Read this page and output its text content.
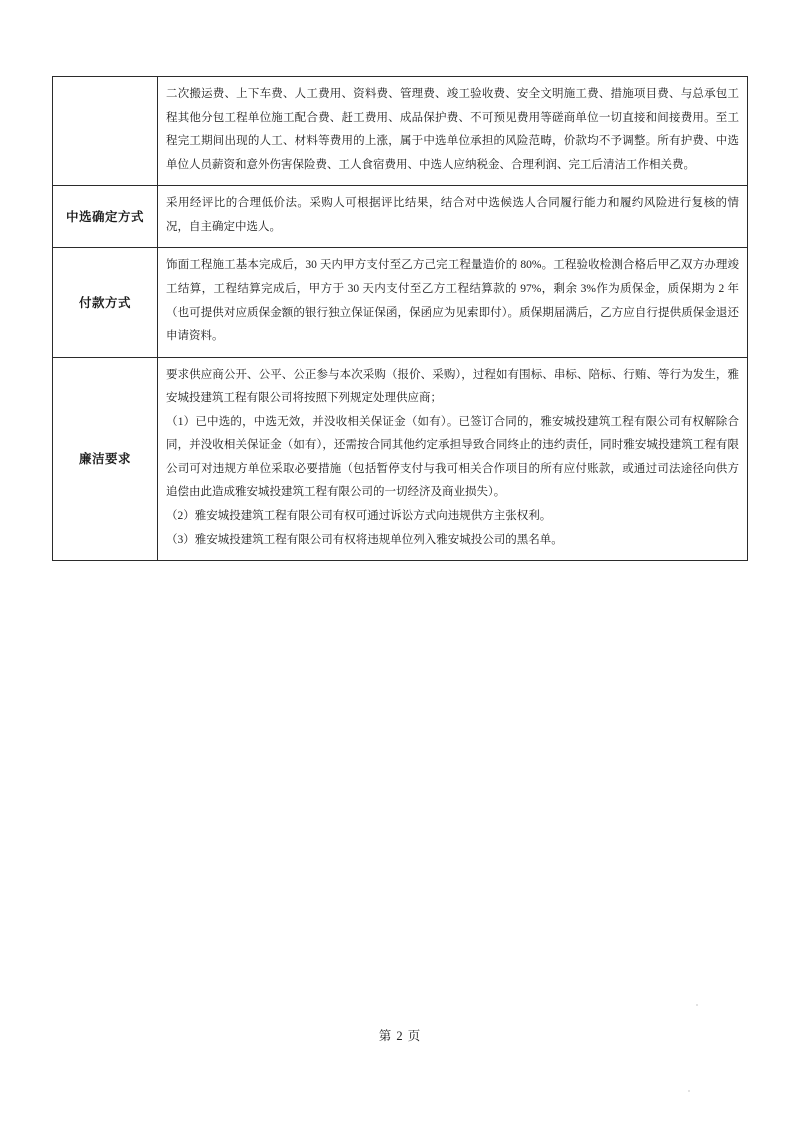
	二次搬运费、上下车费、人工费用、资料费、管理费、竣工验收费、安全文明施工费、措施项目费、与总承包工程其他分包工程单位施工配合费、赶工费用、成品保护费、不可预见费用等磋商单位一切直接和间接费用。至工程完工期间出现的人工、材料等费用的上涨，属于中选单位承担的风险范畴，价款均不予调整。所有护费、中选单位人员薪资和意外伤害保险费、工人食宿费用、中选人应纳税金、合理利润、完工后清洁工作相关费。
中选确定方式	采用经评比的合理低价法。采购人可根据评比结果，结合对中选候选人合同履行能力和履约风险进行复核的情况，自主确定中选人。
付款方式	饰面工程施工基本完成后，30 天内甲方支付至乙方己完工程量造价的 80%。工程验收检测合格后甲乙双方办理竣工结算，工程结算完成后，甲方于 30 天内支付至乙方工程结算款的 97%，剩余 3%作为质保金，质保期为 2 年（也可提供对应质保金额的银行独立保证保函，保函应为见索即付）。质保期届满后，乙方应自行提供质保金退还申请资料。
廉洁要求	要求供应商公开、公平、公正参与本次采购（报价、采购），过程如有围标、串标、陪标、行贿、等行为发生，雅安城投建筑工程有限公司将按照下列规定处理供应商；

（1）已中选的，中选无效，并没收相关保证金（如有）。已签订合同的，雅安城投建筑工程有限公司有权解除合同，并没收相关保证金（如有），还需按合同其他约定承担导致合同终止的违约责任，同时雅安城投建筑工程有限公司可对违规方单位采取必要措施（包括暂停支付与我可相关合作项目的所有应付账款，或通过司法途径向供方追偿由此造成雅安城投建筑工程有限公司的一切经济及商业损失）。

（2）雅安城投建筑工程有限公司有权可通过诉讼方式向违规供方主张权利。

（3）雅安城投建筑工程有限公司有权将违规单位列入雅安城投公司的黑名单。

第 2 页
